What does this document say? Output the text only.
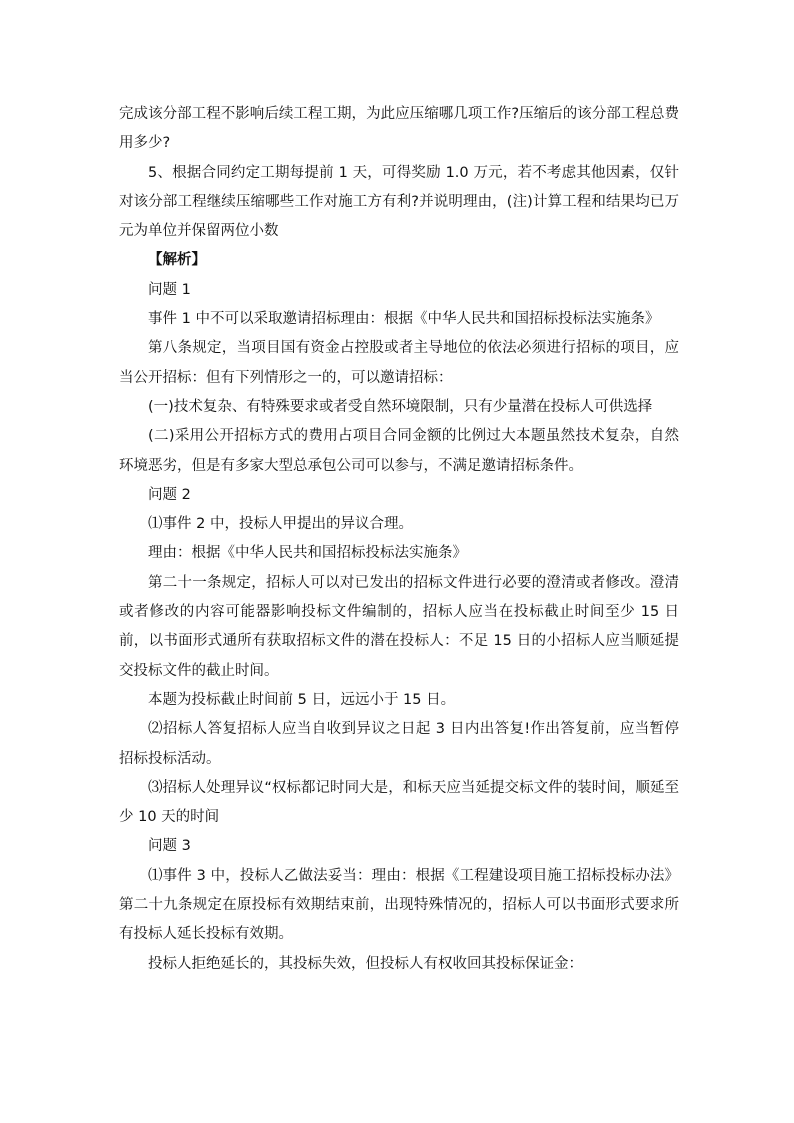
完成该分部工程不影响后续工程工期，为此应压缩哪几项工作?压缩后的该分部工程总费用多少?

5、根据合同约定工期每提前 1 天，可得奖励 1.0 万元，若不考虑其他因素，仅针对该分部工程继续压缩哪些工作对施工方有利?并说明理由，(注)计算工程和结果均已万元为单位并保留两位小数

【解析】

问题 1

事件 1 中不可以采取邀请招标理由：根据《中华人民共和国招标投标法实施条》

第八条规定，当项目国有资金占控股或者主导地位的依法必须进行招标的项目，应当公开招标：但有下列情形之一的，可以邀请招标：

(一)技术复杂、有特殊要求或者受自然环境限制，只有少量潜在投标人可供选择

(二)采用公开招标方式的费用占项目合同金额的比例过大本题虽然技术复杂，自然环境恶劣，但是有多家大型总承包公司可以参与，不满足邀请招标条件。

问题 2

⑴事件 2 中，投标人甲提出的异议合理。

理由：根据《中华人民共和国招标投标法实施条》

第二十一条规定，招标人可以对已发出的招标文件进行必要的澄清或者修改。澄清或者修改的内容可能器影响投标文件编制的，招标人应当在投标截止时间至少 15 日前，以书面形式通所有获取招标文件的潜在投标人：不足 15 日的小招标人应当顺延提交投标文件的截止时间。

本题为投标截止时间前 5 日，远远小于 15 日。

⑵招标人答复招标人应当自收到异议之日起 3 日内出答复!作出答复前，应当暂停招标投标活动。

⑶招标人处理异议“权标都记时同大是，和标天应当延提交标文件的装时间，顺延至少 10 天的时间

问题 3

⑴事件 3 中，投标人乙做法妥当：理由：根据《工程建设项目施工招标投标办法》第二十九条规定在原投标有效期结束前，出现特殊情况的，招标人可以书面形式要求所有投标人延长投标有效期。

投标人拒绝延长的，其投标失效，但投标人有权收回其投标保证金：
